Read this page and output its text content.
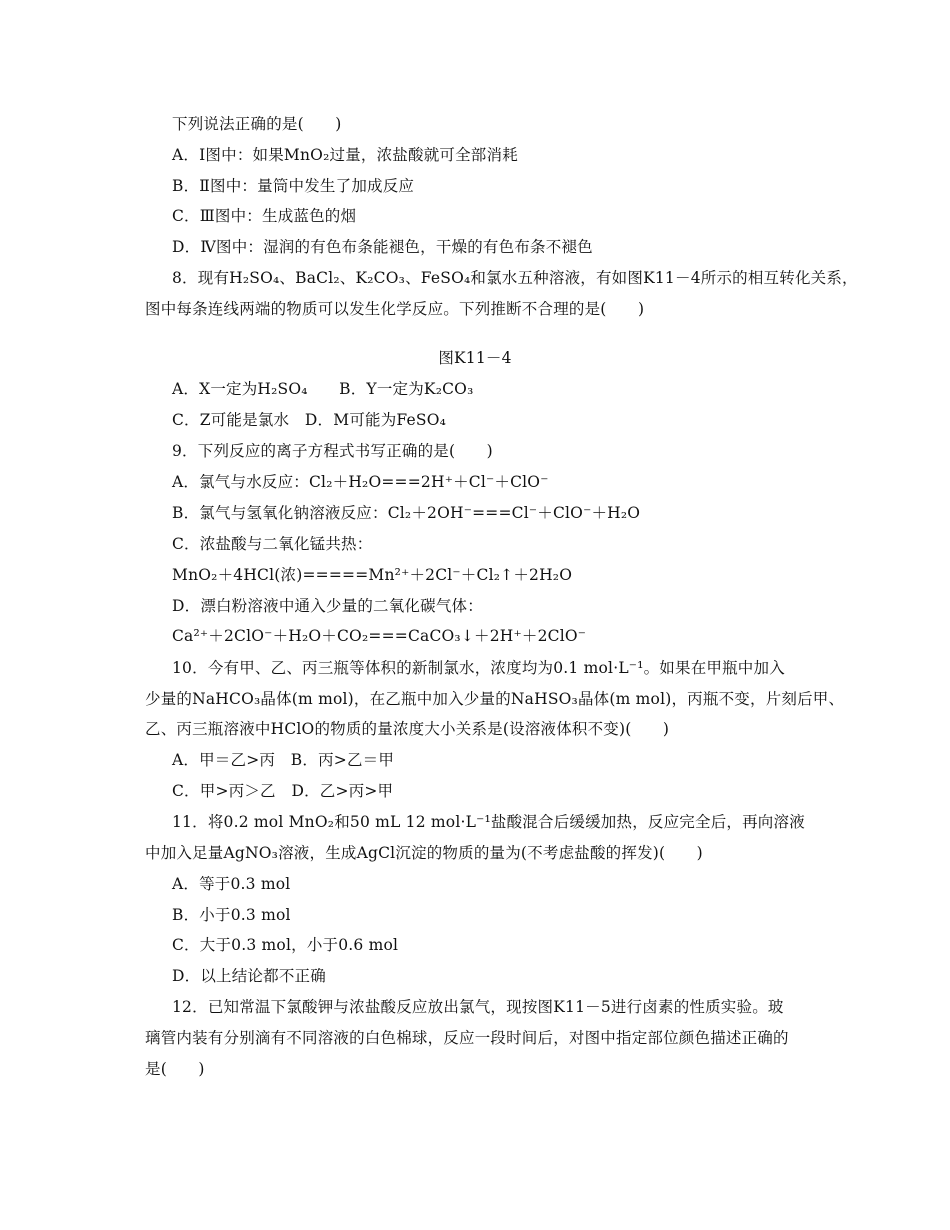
下列说法正确的是(　　)
A．Ⅰ图中：如果MnO₂过量，浓盐酸就可全部消耗
B．Ⅱ图中：量筒中发生了加成反应
C．Ⅲ图中：生成蓝色的烟
D．Ⅳ图中：湿润的有色布条能褪色，干燥的有色布条不褪色
8．现有H₂SO₄、BaCl₂、K₂CO₃、FeSO₄和氯水五种溶液，有如图K11－4所示的相互转化关系，
图中每条连线两端的物质可以发生化学反应。下列推断不合理的是(　　)
图K11－4
A．X一定为H₂SO₄　　B．Y一定为K₂CO₃
C．Z可能是氯水　D．M可能为FeSO₄
9．下列反应的离子方程式书写正确的是(　　)
A．氯气与水反应：Cl₂＋H₂O===2H⁺＋Cl⁻＋ClO⁻
B．氯气与氢氧化钠溶液反应：Cl₂＋2OH⁻===Cl⁻＋ClO⁻＋H₂O
C．浓盐酸与二氧化锰共热：
MnO₂＋4HCl(浓)=====Mn²⁺＋2Cl⁻＋Cl₂↑＋2H₂O
D．漂白粉溶液中通入少量的二氧化碳气体：
Ca²⁺＋2ClO⁻＋H₂O＋CO₂===CaCO₃↓＋2H⁺＋2ClO⁻
10．今有甲、乙、丙三瓶等体积的新制氯水，浓度均为0.1 mol·L⁻¹。如果在甲瓶中加入
少量的NaHCO₃晶体(m mol)，在乙瓶中加入少量的NaHSO₃晶体(m mol)，丙瓶不变，片刻后甲、
乙、丙三瓶溶液中HClO的物质的量浓度大小关系是(设溶液体积不变)(　　)
A．甲＝乙>丙　B．丙>乙＝甲
C．甲>丙＞乙　D．乙>丙>甲
11．将0.2 mol MnO₂和50 mL 12 mol·L⁻¹盐酸混合后缓缓加热，反应完全后，再向溶液
中加入足量AgNO₃溶液，生成AgCl沉淀的物质的量为(不考虑盐酸的挥发)(　　)
A．等于0.3 mol
B．小于0.3 mol
C．大于0.3 mol，小于0.6 mol
D．以上结论都不正确
12．已知常温下氯酸钾与浓盐酸反应放出氯气，现按图K11－5进行卤素的性质实验。玻
璃管内装有分别滴有不同溶液的白色棉球，反应一段时间后，对图中指定部位颜色描述正确的
是(　　)
